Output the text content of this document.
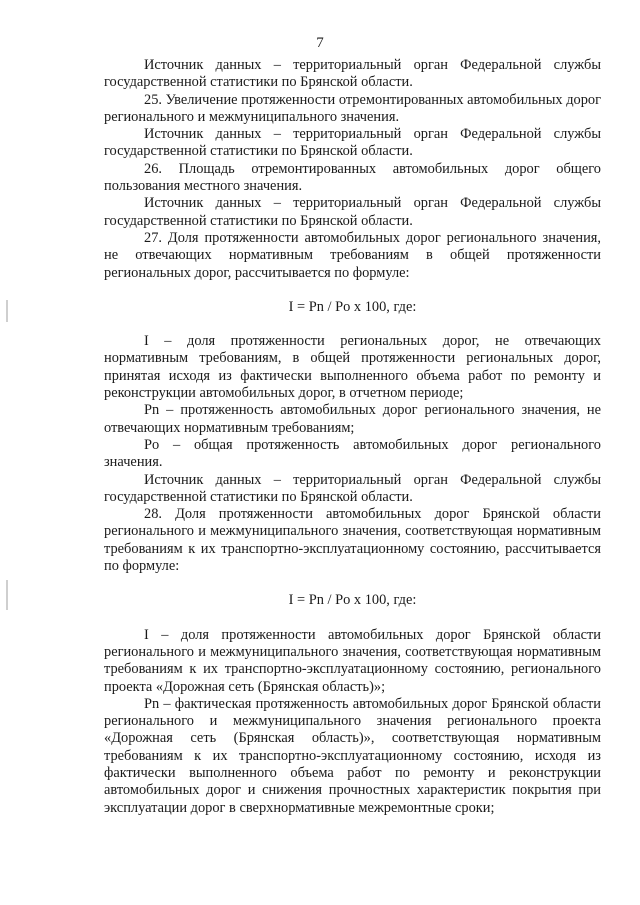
7

Источник данных – территориальный орган Федеральной службы государственной статистики по Брянской области.

25. Увеличение протяженности отремонтированных автомобильных дорог регионального и межмуниципального значения.

Источник данных – территориальный орган Федеральной службы государственной статистики по Брянской области.

26. Площадь отремонтированных автомобильных дорог общего пользования местного значения.

Источник данных – территориальный орган Федеральной службы государственной статистики по Брянской области.

27. Доля протяженности автомобильных дорог регионального значения, не отвечающих нормативным требованиям в общей протяженности региональных дорог, рассчитывается по формуле:

I = Pn / Po x 100, где:

I – доля протяженности региональных дорог, не отвечающих нормативным требованиям, в общей протяженности региональных дорог, принятая исходя из фактически выполненного объема работ по ремонту и реконструкции автомобильных дорог, в отчетном периоде;

Pn – протяженность автомобильных дорог регионального значения, не отвечающих нормативным требованиям;

Po – общая протяженность автомобильных дорог регионального значения.

Источник данных – территориальный орган Федеральной службы государственной статистики по Брянской области.

28. Доля протяженности автомобильных дорог Брянской области регионального и межмуниципального значения, соответствующая нормативным требованиям к их транспортно-эксплуатационному состоянию, рассчитывается по формуле:

I = Pn / Po x 100, где:

I – доля протяженности автомобильных дорог Брянской области регионального и межмуниципального значения, соответствующая нормативным требованиям к их транспортно-эксплуатационному состоянию, регионального проекта «Дорожная сеть (Брянская область)»;

Pn – фактическая протяженность автомобильных дорог Брянской области регионального и межмуниципального значения регионального проекта «Дорожная сеть (Брянская область)», соответствующая нормативным требованиям к их транспортно-эксплуатационному состоянию, исходя из фактически выполненного объема работ по ремонту и реконструкции автомобильных дорог и снижения прочностных характеристик покрытия при эксплуатации дорог в сверхнормативные межремонтные сроки;
